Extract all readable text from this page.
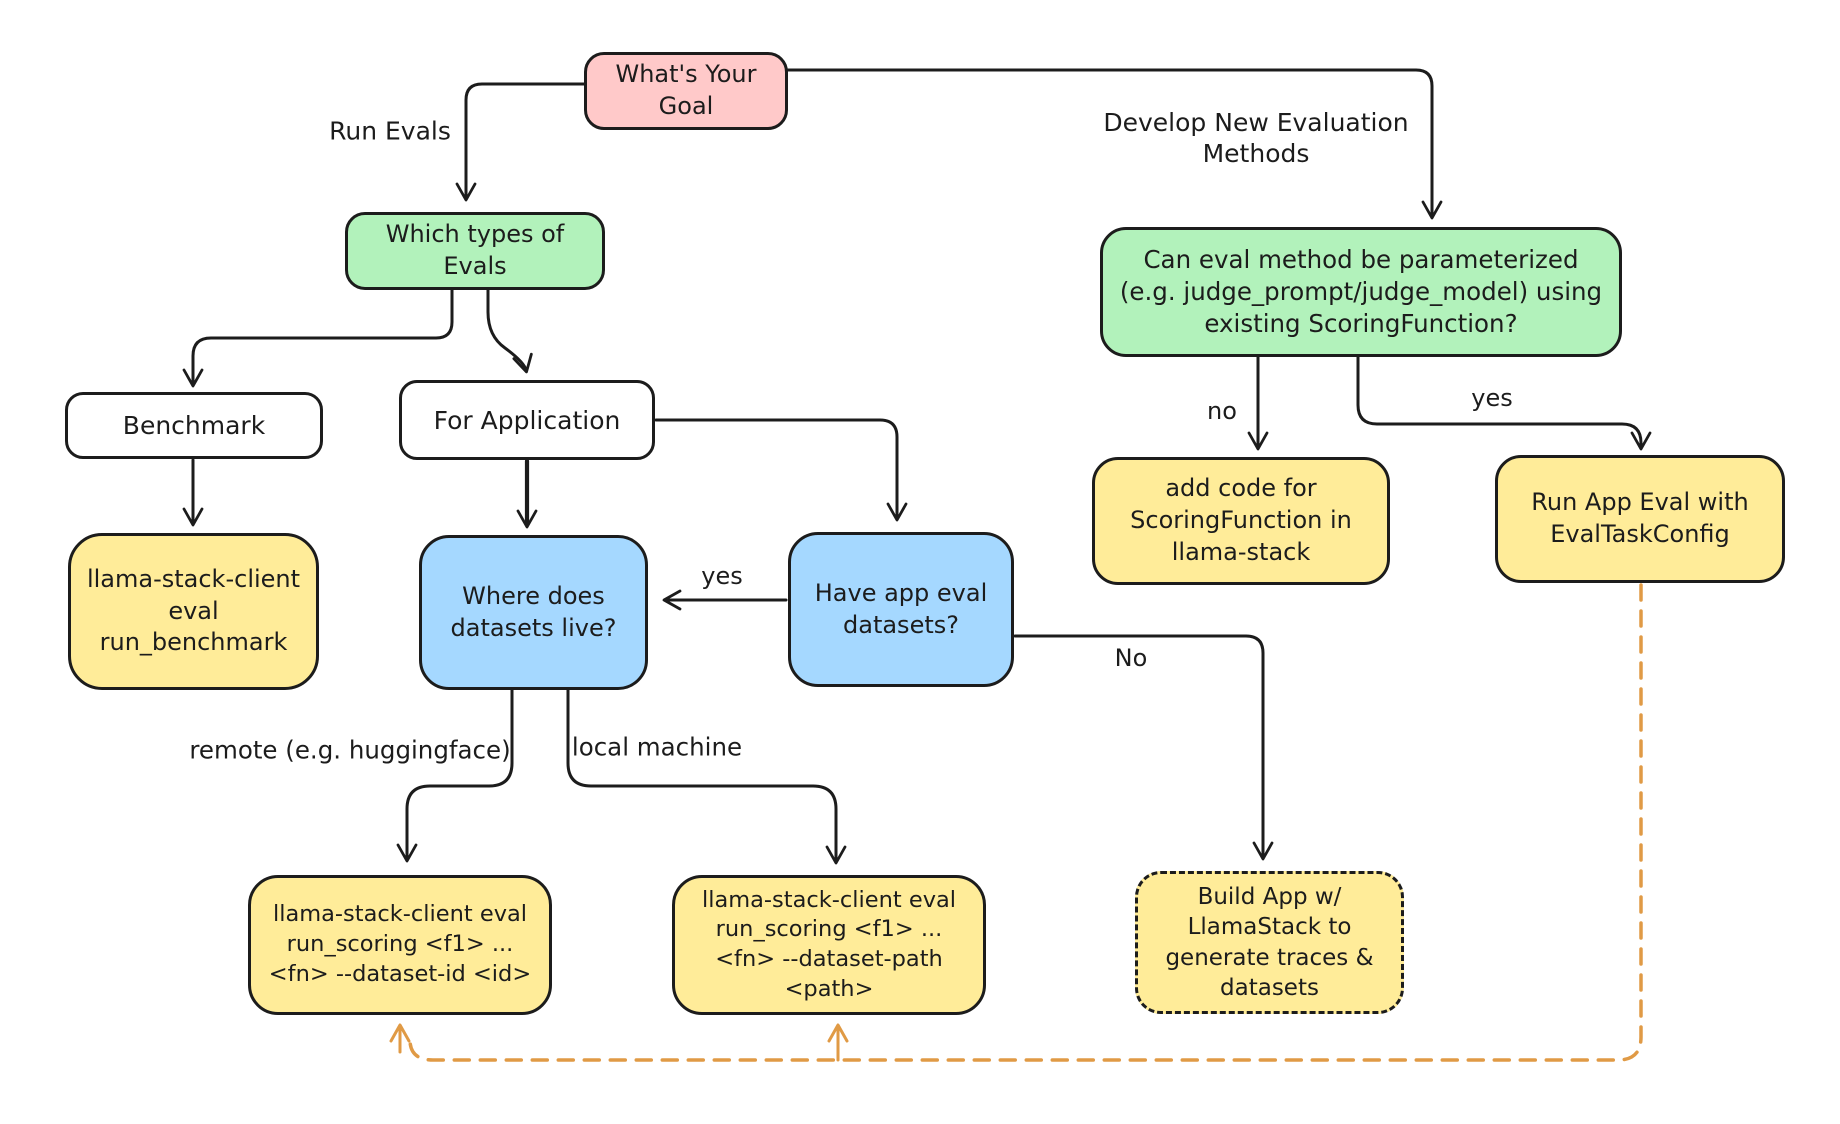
What's Your Goal
Which types of Evals
Benchmark	For Application
llama-stack-client eval run_benchmark
Where does datasets live?
Have app eval datasets?
Can eval method be parameterized (e.g. judge_prompt/judge_model) using existing ScoringFunction?
add code for ScoringFunction in llama-stack
Run App Eval with EvalTaskConfig
llama-stack-client eval run_scoring <f1> ... <fn> --dataset-id <id>
llama-stack-client eval run_scoring <f1> ... <fn> --dataset-path <path>
Build App w/ LlamaStack to generate traces & datasets
Run Evals	Develop New Evaluation Methods
no	yes
yes
No
remote (e.g. huggingface)	local machine
